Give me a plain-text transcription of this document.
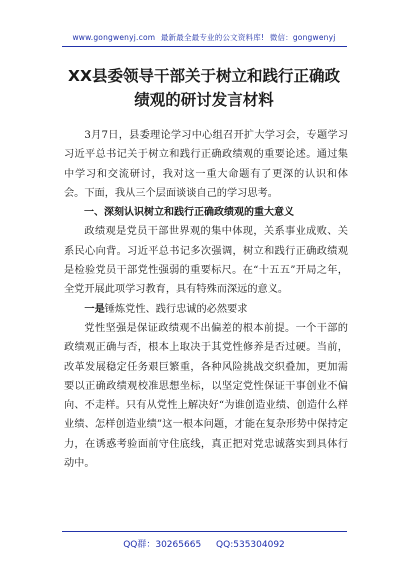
www.gongwenyj.com 最新最全最专业的公文资料库! 微信：gongwenyj
XX县委领导干部关于树立和践行正确政
绩观的研讨发言材料

3月7日，县委理论学习中心组召开扩大学习会，专题学习习近平总书记关于树立和践行正确政绩观的重要论述。通过集中学习和交流研讨，我对这一重大命题有了更深的认识和体会。下面，我从三个层面谈谈自己的学习思考。

一、深刻认识树立和践行正确政绩观的重大意义

政绩观是党员干部世界观的集中体现，关系事业成败、关系民心向背。习近平总书记多次强调，树立和践行正确政绩观是检验党员干部党性强弱的重要标尺。在“十五五”开局之年，全党开展此项学习教育，具有特殊而深远的意义。

一是锤炼党性、践行忠诚的必然要求

党性坚强是保证政绩观不出偏差的根本前提。一个干部的政绩观正确与否，根本上取决于其党性修养是否过硬。当前，改革发展稳定任务艰巨繁重，各种风险挑战交织叠加，更加需要以正确政绩观校准思想坐标，以坚定党性保证干事创业不偏向、不走样。只有从党性上解决好“为谁创造业绩、创造什么样业绩、怎样创造业绩”这一根本问题，才能在复杂形势中保持定力，在诱惑考验面前守住底线，真正把对党忠诚落实到具体行动中。

QQ群：30265665 QQ:535304092
